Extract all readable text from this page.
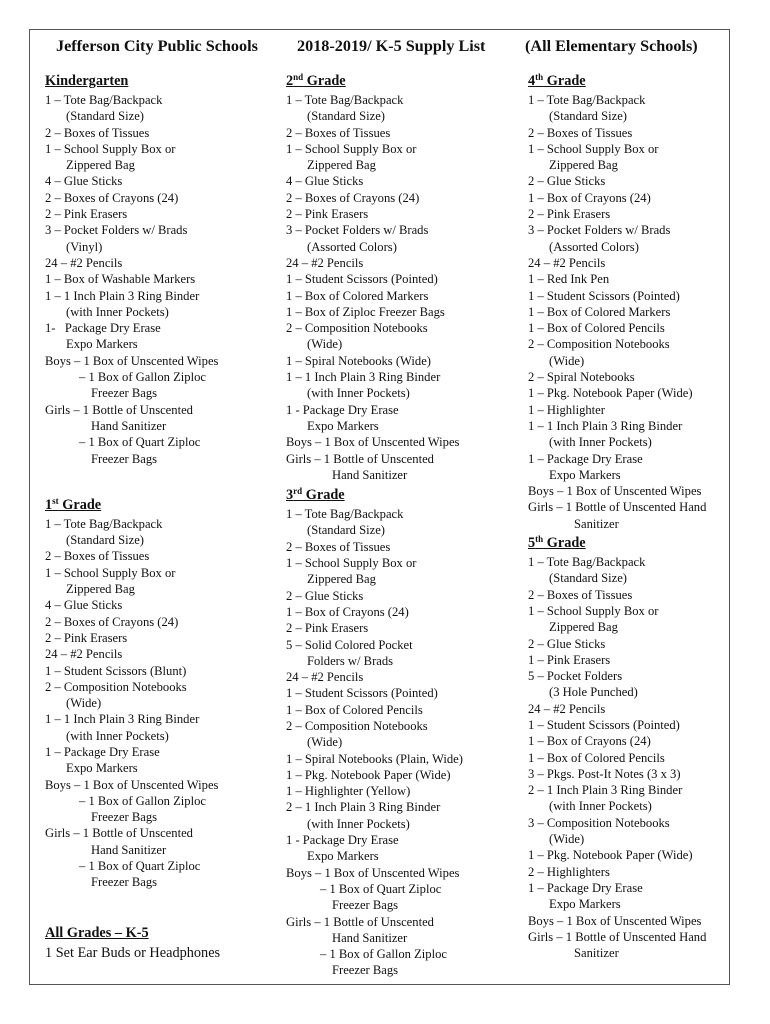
Jefferson City Public Schools 2018-2019/ K-5 Supply List (All Elementary Schools)
Kindergarten
1 – Tote Bag/Backpack
(Standard Size)
2 – Boxes of Tissues
1 – School Supply Box or
Zippered Bag
4 – Glue Sticks
2 – Boxes of Crayons (24)
2 – Pink Erasers
3 – Pocket Folders w/ Brads
(Vinyl)
24 – #2 Pencils
1 – Box of Washable Markers
1 – 1 Inch Plain 3 Ring Binder
(with Inner Pockets)
1-   Package Dry Erase
Expo Markers
Boys – 1 Box of Unscented Wipes
– 1 Box of Gallon Ziploc
Freezer Bags
Girls – 1 Bottle of Unscented
Hand Sanitizer
– 1 Box of Quart Ziploc
Freezer Bags
1st Grade
1 – Tote Bag/Backpack
(Standard Size)
2 – Boxes of Tissues
1 – School Supply Box or
Zippered Bag
4 – Glue Sticks
2 – Boxes of Crayons (24)
2 – Pink Erasers
24 – #2 Pencils
1 – Student Scissors (Blunt)
2 – Composition Notebooks
(Wide)
1 – 1 Inch Plain 3 Ring Binder
(with Inner Pockets)
1 – Package Dry Erase
Expo Markers
Boys – 1 Box of Unscented Wipes
– 1 Box of Gallon Ziploc
Freezer Bags
Girls – 1 Bottle of Unscented
Hand Sanitizer
– 1 Box of Quart Ziploc
Freezer Bags
All Grades – K-5
1 Set Ear Buds or Headphones
2nd Grade
1 – Tote Bag/Backpack
(Standard Size)
2 – Boxes of Tissues
1 – School Supply Box or
Zippered Bag
4 – Glue Sticks
2 – Boxes of Crayons (24)
2 – Pink Erasers
3 – Pocket Folders w/ Brads
(Assorted Colors)
24 – #2 Pencils
1 – Student Scissors (Pointed)
1 – Box of Colored Markers
1 – Box of Ziploc Freezer Bags
2 – Composition Notebooks
(Wide)
1 – Spiral Notebooks (Wide)
1 – 1 Inch Plain 3 Ring Binder
(with Inner Pockets)
1 - Package Dry Erase
Expo Markers
Boys – 1 Box of Unscented Wipes
Girls – 1 Bottle of Unscented
Hand Sanitizer
3rd Grade
1 – Tote Bag/Backpack
(Standard Size)
2 – Boxes of Tissues
1 – School Supply Box or
Zippered Bag
2 – Glue Sticks
1 – Box of Crayons (24)
2 – Pink Erasers
5 – Solid Colored Pocket
Folders w/ Brads
24 – #2 Pencils
1 – Student Scissors (Pointed)
1 – Box of Colored Pencils
2 – Composition Notebooks
(Wide)
1 – Spiral Notebooks (Plain, Wide)
1 – Pkg. Notebook Paper (Wide)
1 – Highlighter (Yellow)
2 – 1 Inch Plain 3 Ring Binder
(with Inner Pockets)
1 - Package Dry Erase
Expo Markers
Boys – 1 Box of Unscented Wipes
– 1 Box of Quart Ziploc
Freezer Bags
Girls – 1 Bottle of Unscented
Hand Sanitizer
– 1 Box of Gallon Ziploc
Freezer Bags
4th Grade
1 – Tote Bag/Backpack
(Standard Size)
2 – Boxes of Tissues
1 – School Supply Box or
Zippered Bag
2 – Glue Sticks
1 – Box of Crayons (24)
2 – Pink Erasers
3 – Pocket Folders w/ Brads
(Assorted Colors)
24 – #2 Pencils
1 – Red Ink Pen
1 – Student Scissors (Pointed)
1 – Box of Colored Markers
1 – Box of Colored Pencils
2 – Composition Notebooks
(Wide)
2 – Spiral Notebooks
1 – Pkg. Notebook Paper (Wide)
1 – Highlighter
1 – 1 Inch Plain 3 Ring Binder
(with Inner Pockets)
1 – Package Dry Erase
Expo Markers
Boys – 1 Box of Unscented Wipes
Girls – 1 Bottle of Unscented Hand
Sanitizer
5th Grade
1 – Tote Bag/Backpack
(Standard Size)
2 – Boxes of Tissues
1 – School Supply Box or
Zippered Bag
2 – Glue Sticks
1 – Pink Erasers
5 – Pocket Folders
(3 Hole Punched)
24 – #2 Pencils
1 – Student Scissors (Pointed)
1 – Box of Crayons (24)
1 – Box of Colored Pencils
3 – Pkgs. Post-It Notes (3 x 3)
2 – 1 Inch Plain 3 Ring Binder
(with Inner Pockets)
3 – Composition Notebooks
(Wide)
1 – Pkg. Notebook Paper (Wide)
2 – Highlighters
1 – Package Dry Erase
Expo Markers
Boys – 1 Box of Unscented Wipes
Girls – 1 Bottle of Unscented Hand
Sanitizer
